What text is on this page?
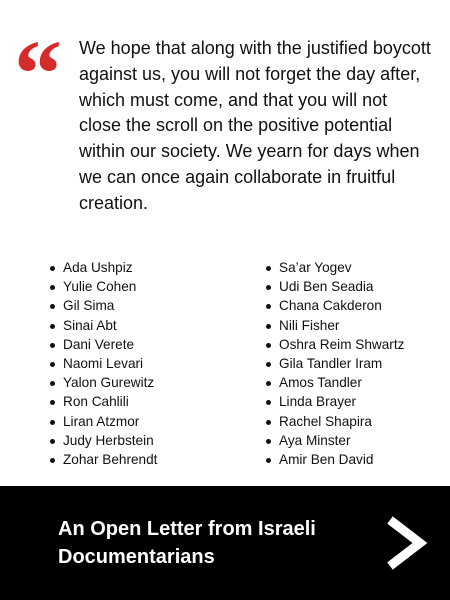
“ We hope that along with the justified boycott against us, you will not forget the day after, which must come, and that you will not close the scroll on the positive potential within our society. We yearn for days when we can once again collaborate in fruitful creation.

Ada Ushpiz
Yulie Cohen
Gil Sima
Sinai Abt
Dani Verete
Naomi Levari
Yalon Gurewitz
Ron Cahlili
Liran Atzmor
Judy Herbstein
Zohar Behrendt
Sa’ar Yogev
Udi Ben Seadia
Chana Cakderon
Nili Fisher
Oshra Reim Shwartz
Gila Tandler Iram
Amos Tandler
Linda Brayer
Rachel Shapira
Aya Minster
Amir Ben David
An Open Letter from Israeli Documentarians
